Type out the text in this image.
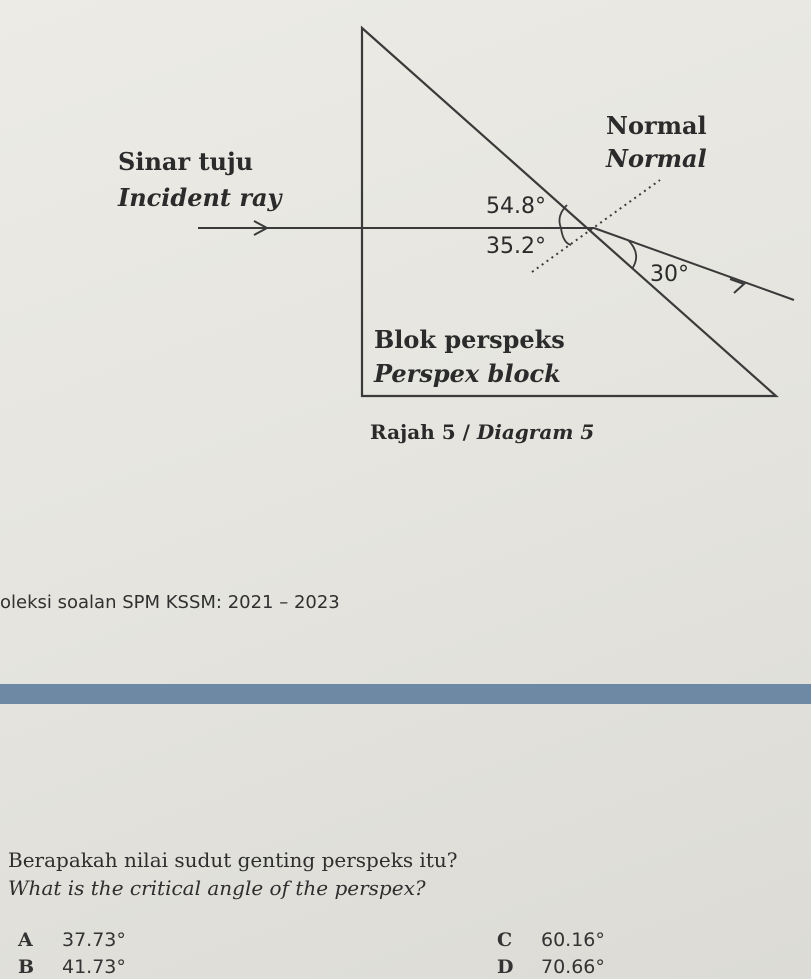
Sinar tuju
Incident ray
Normal
Normal
54.8°
35.2°
30°
Blok perspeks
Perspex block
Rajah 5 / Diagram 5
oleksi soalan SPM KSSM: 2021 – 2023
Berapakah nilai sudut genting perspeks itu?
What is the critical angle of the perspex?
A 37.73°
B 41.73°
C 60.16°
D 70.66°
